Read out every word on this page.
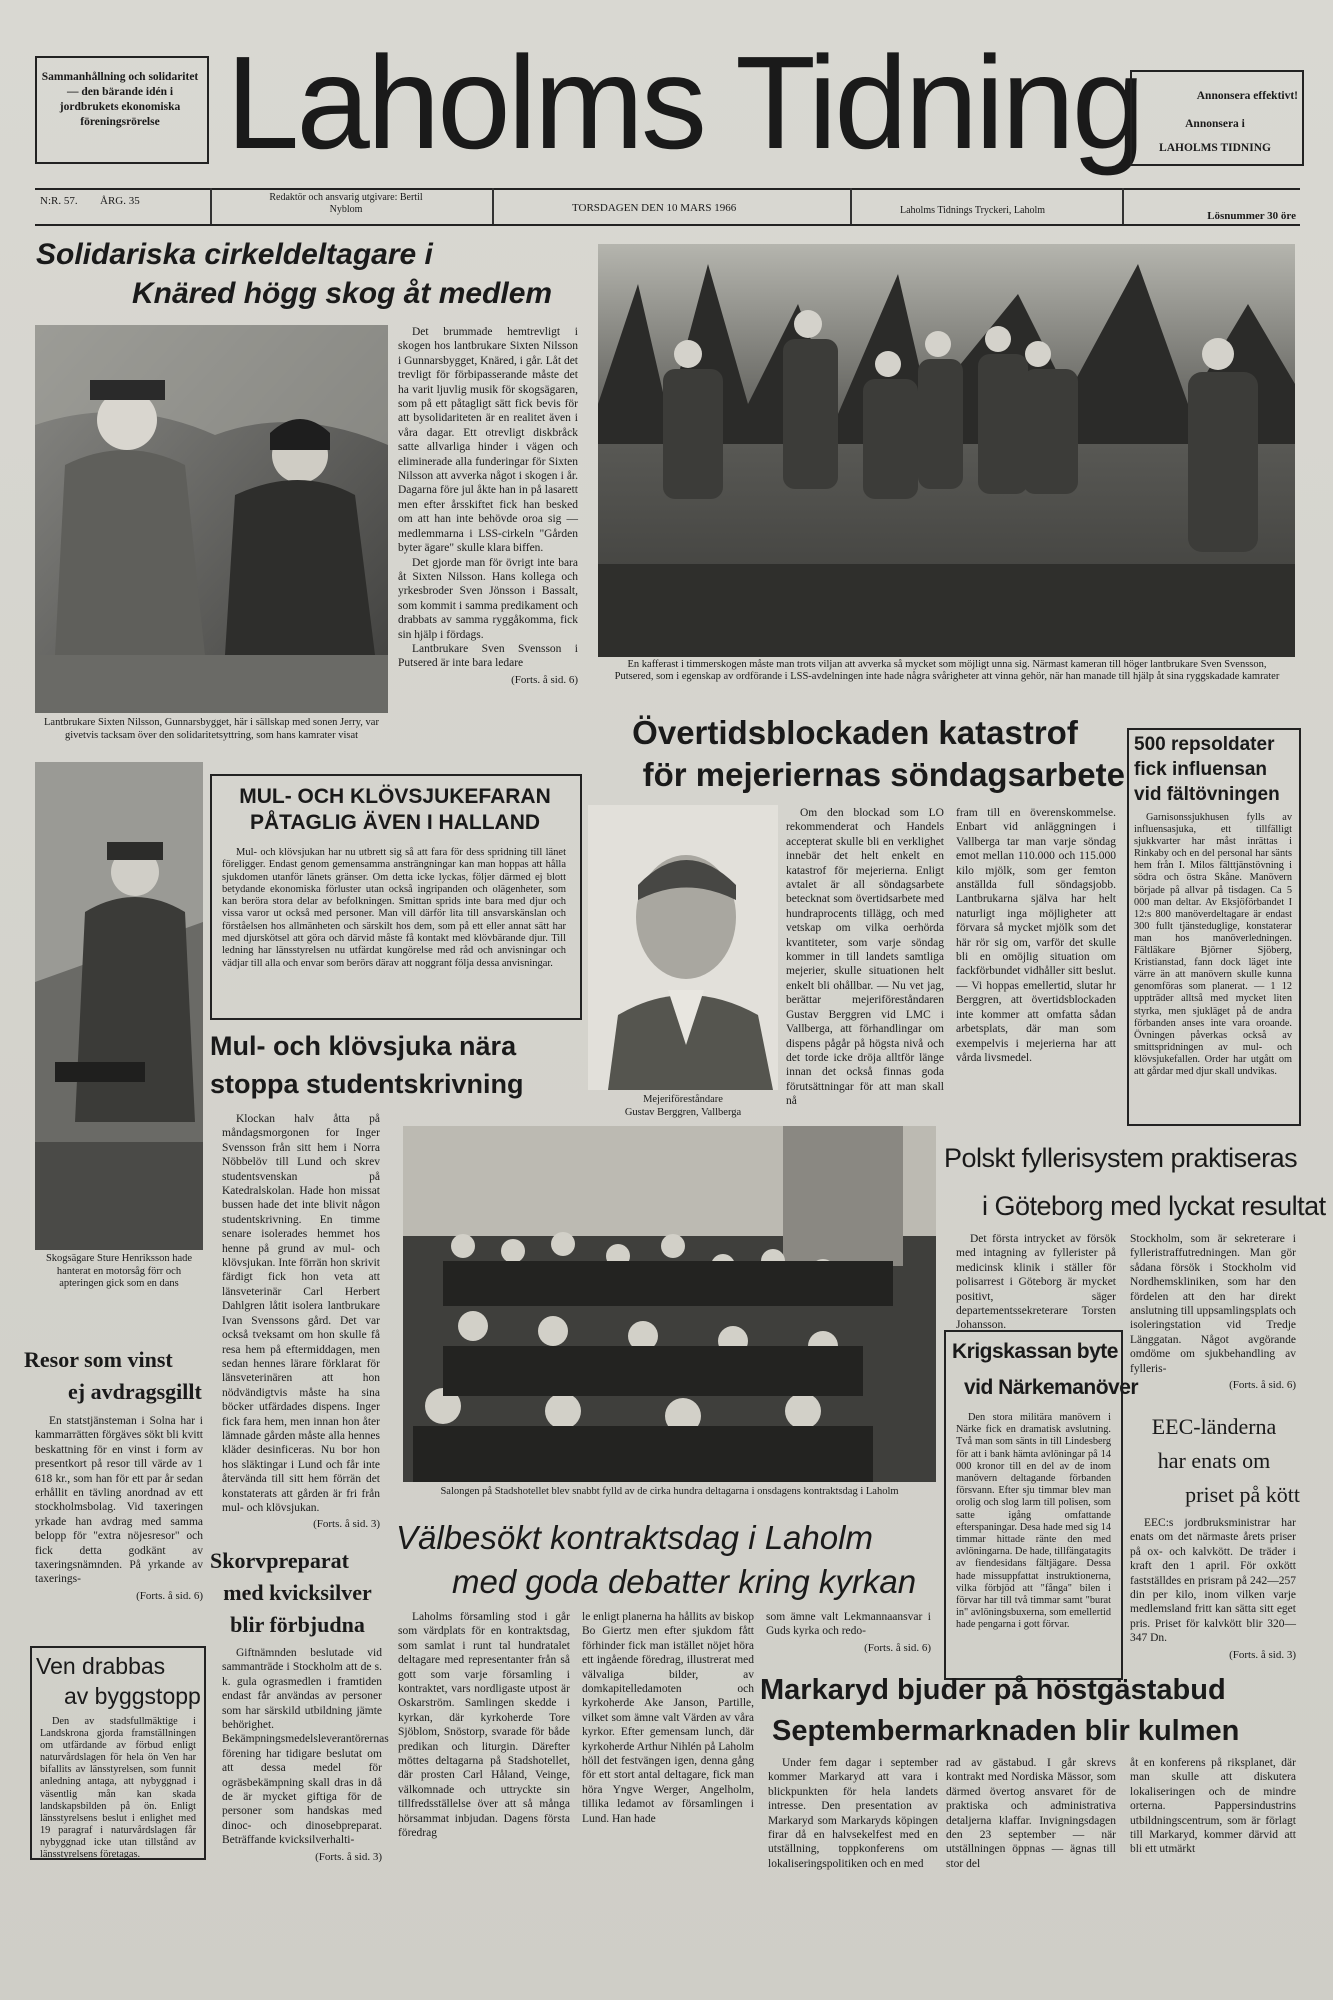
Sammanhållning och solidaritet — den bärande idén i jordbrukets ekonomiska föreningsrörelse Laholms Tidning	Annonsera effektivt!
Annonsera i
LAHOLMS TIDNING
N:R. 57. ÅRG. 35	Redaktör och ansvarig utgivare: Bertil Nyblom	TORSDAGEN DEN 10 MARS 1966	Laholms Tidnings Tryckeri, Laholm	Lösnummer 30 öre
Solidariska cirkeldeltagare i
Knäred högg skog åt medlem
Lantbrukare Sixten Nilsson, Gunnarsbygget, här i sällskap med sonen Jerry, var givetvis tacksam över den solidaritetsyttring, som hans kamrater visat
Det brummade hemtrevligt i skogen hos lantbrukare Sixten Nilsson i Gunnarsbygget, Knäred, i går. Låt det trevligt för förbipasserande måste det ha varit ljuvlig musik för skogsägaren, som på ett påtagligt sätt fick bevis för att bysolidariteten är en realitet även i våra dagar. Ett otrevligt diskbråck satte allvarliga hinder i vägen och eliminerade alla funderingar för Sixten Nilsson att avverka något i skogen i år. Dagarna före jul åkte han in på lasarett men efter årsskiftet fick han besked om att han inte behövde oroa sig — medlemmarna i LSS-cirkeln "Gården byter ägare" skulle klara biffen.
Det gjorde man för övrigt inte bara åt Sixten Nilsson. Hans kollega och yrkesbroder Sven Jönsson i Bassalt, som kommit i samma predikament och drabbats av samma ryggåkomma, fick sin hjälp i fördags.
Lantbrukare Sven Svensson i Putsered är inte bara ledare
(Forts. å sid. 6)
En kafferast i timmerskogen måste man trots viljan att avverka så mycket som möjligt unna sig. Närmast kameran till höger lantbrukare Sven Svensson, Putsered, som i egenskap av ordförande i LSS-avdelningen inte hade några svårigheter att vinna gehör, när han manade till hjälp åt sina ryggskadade kamrater
Skogsägare Sture Henriksson hade hanterat en motorsåg förr och apteringen gick som en dans
MUL- OCH KLÖVSJUKEFARAN
PÅTAGLIG ÄVEN I HALLAND
Mul- och klövsjukan har nu utbrett sig så att fara för dess spridning till länet föreligger. Endast genom gemensamma ansträngningar kan man hoppas att hålla sjukdomen utanför länets gränser. Om detta icke lyckas, följer därmed ej blott betydande ekonomiska förluster utan också ingripanden och olägenheter, som kan beröra stora delar av befolkningen. Smittan sprids inte bara med djur och vissa varor ut också med personer. Man vill därför lita till ansvarskänslan och förståelsen hos allmänheten och särskilt hos dem, som på ett eller annat sätt har med djurskötsel att göra och därvid måste få kontakt med klövbärande djur. Till ledning har länsstyrelsen nu utfärdat kungörelse med råd och anvisningar och vädjar till alla och envar som berörs därav att noggrant följa dessa anvisningar.
Mul- och klövsjuka nära
stoppa studentskrivning
Klockan halv åtta på måndagsmorgonen for Inger Svensson från sitt hem i Norra Nöbbelöv till Lund och skrev studentsvenskan på Katedralskolan. Hade hon missat bussen hade det inte blivit någon studentskrivning. En timme senare isolerades hemmet hos henne på grund av mul- och klövsjukan. Inte förrän hon skrivit färdigt fick hon veta att länsveterinär Carl Herbert Dahlgren låtit isolera lantbrukare Ivan Svenssons gård. Det var också tveksamt om hon skulle få resa hem på eftermiddagen, men sedan hennes lärare förklarat för länsveterinären att hon nödvändigtvis måste ha sina böcker utfärdades dispens. Inger fick fara hem, men innan hon åter lämnade gården måste alla hennes kläder desinficeras. Nu bor hon hos släktingar i Lund och får inte återvända till sitt hem förrän det konstaterats att gården är fri från mul- och klövsjukan.
(Forts. å sid. 3)
Övertidsblockaden katastrof
för mejeriernas söndagsarbete
Mejeriföreståndare
Gustav Berggren, Vallberga
Om den blockad som LO rekommenderat och Handels accepterat skulle bli en verklighet innebär det helt enkelt en katastrof för mejerierna. Enligt avtalet är all söndagsarbete betecknat som övertidsarbete med hundraprocents tillägg, och med vetskap om vilka oerhörda kvantiteter, som varje söndag kommer in till landets samtliga mejerier, skulle situationen helt enkelt bli ohållbar. — Nu vet jag, berättar mejeriföreståndaren Gustav Berggren vid LMC i Vallberga, att förhandlingar om dispens pågår på högsta nivå och det torde icke dröja alltför länge innan det också finnas goda förutsättningar för att man skall nå
fram till en överenskommelse. Enbart vid anläggningen i Vallberga tar man varje söndag emot mellan 110.000 och 115.000 kilo mjölk, som ger femton anställda full söndagsjobb. Lantbrukarna själva har helt naturligt inga möjligheter att förvara så mycket mjölk som det här rör sig om, varför det skulle bli en omöjlig situation om fackförbundet vidhåller sitt beslut. — Vi hoppas emellertid, slutar hr Berggren, att övertidsblockaden inte kommer att omfatta sådan arbetsplats, där man som exempelvis i mejerierna har att vårda livsmedel.
500 repsoldater
fick influensan
vid fältövningen
Garnisonssjukhusen fylls av influensasjuka, ett tillfälligt sjukkvarter har måst inrättas i Rinkaby och en del personal har sänts hem från I. Milos fälttjänstövning i södra och östra Skåne. Manövern började på allvar på tisdagen. Ca 5 000 man deltar. Av Eksjöförbandet I 12:s 800 manöverdeltagare är endast 300 fullt tjänsteduglige, konstaterar man hos manöverledningen. Fältläkare Björner Sjöberg, Kristianstad, fann dock läget inte värre än att manövern skulle kunna genomföras som planerat. — 1 12 uppträder alltså med mycket liten styrka, men sjukläget på de andra förbanden anses inte vara oroande. Övningen påverkas också av smittspridningen av mul- och klövsjukefallen. Order har utgått om att gårdar med djur skall undvikas.
Salongen på Stadshotellet blev snabbt fylld av de cirka hundra deltagarna i onsdagens kontraktsdag i Laholm
Resor som vinst
ej avdragsgillt
En statstjänsteman i Solna har i kammarrätten förgäves sökt bli kvitt beskattning för en vinst i form av presentkort på resor till värde av 1 618 kr., som han för ett par år sedan erhållit en tävling anordnad av ett stockholmsbolag. Vid taxeringen yrkade han avdrag med samma belopp för "extra nöjesresor" och fick detta godkänt av taxeringsnämnden. På yrkande av taxerings-
(Forts. å sid. 6)
Ven drabbas
av byggstopp
Den av stadsfullmäktige i Landskrona gjorda framställningen om utfärdande av förbud enligt naturvårdslagen för hela ön Ven har bifallits av länsstyrelsen, som funnit anledning antaga, att nybyggnad i väsentlig mån kan skada landskapsbilden på ön. Enligt länsstyrelsens beslut i enlighet med 19 paragraf i naturvårdslagen får nybyggnad icke utan tillstånd av länsstyrelsens företagas.
Skorvpreparat
med kvicksilver
blir förbjudna
Giftnämnden beslutade vid sammanträde i Stockholm att de s. k. gula ograsmedlen i framtiden endast får användas av personer som har särskild utbildning jämte behörighet. Bekämpningsmedelsleverantörernas förening har tidigare beslutat om att dessa medel för ogräsbekämpning skall dras in då de är mycket giftiga för de personer som handskas med dinoc- och dinosebpreparat. Beträffande kvicksilverhalti-
(Forts. å sid. 3)
Välbesökt kontraktsdag i Laholm
med goda debatter kring kyrkan
Laholms församling stod i går som värdplats för en kontraktsdag, som samlat i runt tal hundratalet deltagare med representanter från så gott som varje församling i kontraktet, vars nordligaste utpost är Oskarström. Samlingen skedde i kyrkan, där kyrkoherde Tore Sjöblom, Snöstorp, svarade för både predikan och liturgin. Därefter möttes deltagarna på Stadshotellet, där prosten Carl Håland, Veinge, välkomnade och uttryckte sin tillfredsställelse över att så många hörsammat inbjudan. Dagens första föredrag
le enligt planerna ha hållits av biskop Bo Giertz men efter sjukdom fått förhinder fick man istället nöjet höra ett ingående föredrag, illustrerat med välvaliga bilder, av domkapitelledamoten och kyrkoherde Ake Janson, Partille, vilket som ämne valt Värden av våra kyrkor. Efter gemensam lunch, där kyrkoherde Arthur Nihlén på Laholm höll det festvängen igen, denna gång för ett stort antal deltagare, fick man höra Yngve Werger, Angelholm, tillika ledamot av församlingen i Lund. Han hade
som ämne valt Lekmannaansvar i Guds kyrka och redo-
(Forts. å sid. 6)
Polskt fyllerisystem praktiseras
i Göteborg med lyckat resultat
Det första intrycket av försök med intagning av fyllerister på medicinsk klinik i ställer för polisarrest i Göteborg är mycket positivt, säger departementssekreterare Torsten Johansson.
Stockholm, som är sekreterare i fylleristraffutredningen. Man gör sådana försök i Stockholm vid Nordhemskliniken, som har den fördelen att den har direkt anslutning till uppsamlingsplats och isoleringstation vid Tredje Länggatan. Något avgörande omdöme om sjukbehandling av fylleris-
(Forts. å sid. 6)
Krigskassan byte
vid Närkemanöver
Den stora militära manövern i Närke fick en dramatisk avslutning. Två man som sänts in till Lindesberg för att i bank hämta avlöningar på 14 000 kronor till en del av de inom manövern deltagande förbanden försvann. Efter sju timmar blev man orolig och slog larm till polisen, som satte igång omfattande efterspaningar. Desa hade med sig 14 timmar hittade ränte den med avlöningarna. De hade, tillfängatagits av fiendesidans fältjägare. Dessa hade missuppfattat instruktionerna, vilka förbjöd att "fånga" bilen i förvar har till två timmar samt "burat in" avlöningsbuxerna, som emellertid hade pengarna i gott förvar.
EEC-länderna
har enats om
priset på kött
EEC:s jordbruksministrar har enats om det närmaste årets priser på ox- och kalvkött. De träder i kraft den 1 april. För oxkött fastställdes en prisram på 242—257 din per kilo, inom vilken varje medlemsland fritt kan sätta sitt eget pris. Priset för kalvkött blir 320—347 Dn.
(Forts. å sid. 3)
Markaryd bjuder på höstgästabud
Septembermarknaden blir kulmen
Under fem dagar i september kommer Markaryd att vara i blickpunkten för hela landets intresse. Den presentation av Markaryd som Markaryds köpingen firar då en halvsekelfest med en utställning, toppkonferens om lokaliseringspolitiken och en med
rad av gästabud. I går skrevs kontrakt med Nordiska Mässor, som därmed övertog ansvaret för de praktiska och administrativa detaljerna klaffar. Invigningsdagen den 23 september — när utställningen öppnas — ägnas till stor del
åt en konferens på riksplanet, där man skulle att diskutera lokaliseringen och de mindre orterna. Pappersindustrins utbildningscentrum, som är förlagt till Markaryd, kommer därvid att bli ett utmärkt
